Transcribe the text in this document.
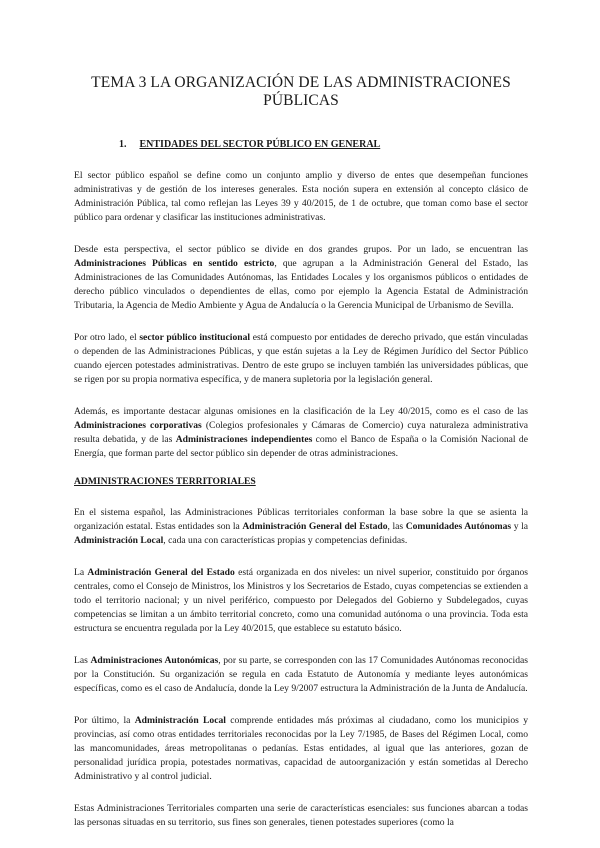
TEMA 3 LA ORGANIZACIÓN DE LAS ADMINISTRACIONES PÚBLICAS
1. ENTIDADES DEL SECTOR PÚBLICO EN GENERAL

El sector público español se define como un conjunto amplio y diverso de entes que desempeñan funciones administrativas y de gestión de los intereses generales. Esta noción supera en extensión al concepto clásico de Administración Pública, tal como reflejan las Leyes 39 y 40/2015, de 1 de octubre, que toman como base el sector público para ordenar y clasificar las instituciones administrativas.

Desde esta perspectiva, el sector público se divide en dos grandes grupos. Por un lado, se encuentran las Administraciones Públicas en sentido estricto, que agrupan a la Administración General del Estado, las Administraciones de las Comunidades Autónomas, las Entidades Locales y los organismos públicos o entidades de derecho público vinculados o dependientes de ellas, como por ejemplo la Agencia Estatal de Administración Tributaria, la Agencia de Medio Ambiente y Agua de Andalucía o la Gerencia Municipal de Urbanismo de Sevilla.

Por otro lado, el sector público institucional está compuesto por entidades de derecho privado, que están vinculadas o dependen de las Administraciones Públicas, y que están sujetas a la Ley de Régimen Jurídico del Sector Público cuando ejercen potestades administrativas. Dentro de este grupo se incluyen también las universidades públicas, que se rigen por su propia normativa específica, y de manera supletoria por la legislación general.

Además, es importante destacar algunas omisiones en la clasificación de la Ley 40/2015, como es el caso de las Administraciones corporativas (Colegios profesionales y Cámaras de Comercio) cuya naturaleza administrativa resulta debatida, y de las Administraciones independientes como el Banco de España o la Comisión Nacional de Energía, que forman parte del sector público sin depender de otras administraciones.

ADMINISTRACIONES TERRITORIALES

En el sistema español, las Administraciones Públicas territoriales conforman la base sobre la que se asienta la organización estatal. Estas entidades son la Administración General del Estado, las Comunidades Autónomas y la Administración Local, cada una con características propias y competencias definidas.

La Administración General del Estado está organizada en dos niveles: un nivel superior, constituido por órganos centrales, como el Consejo de Ministros, los Ministros y los Secretarios de Estado, cuyas competencias se extienden a todo el territorio nacional; y un nivel periférico, compuesto por Delegados del Gobierno y Subdelegados, cuyas competencias se limitan a un ámbito territorial concreto, como una comunidad autónoma o una provincia. Toda esta estructura se encuentra regulada por la Ley 40/2015, que establece su estatuto básico.

Las Administraciones Autonómicas, por su parte, se corresponden con las 17 Comunidades Autónomas reconocidas por la Constitución. Su organización se regula en cada Estatuto de Autonomía y mediante leyes autonómicas específicas, como es el caso de Andalucía, donde la Ley 9/2007 estructura la Administración de la Junta de Andalucía.

Por último, la Administración Local comprende entidades más próximas al ciudadano, como los municipios y provincias, así como otras entidades territoriales reconocidas por la Ley 7/1985, de Bases del Régimen Local, como las mancomunidades, áreas metropolitanas o pedanías. Estas entidades, al igual que las anteriores, gozan de personalidad jurídica propia, potestades normativas, capacidad de autoorganización y están sometidas al Derecho Administrativo y al control judicial.

Estas Administraciones Territoriales comparten una serie de características esenciales: sus funciones abarcan a todas las personas situadas en su territorio, sus fines son generales, tienen potestades superiores (como la
